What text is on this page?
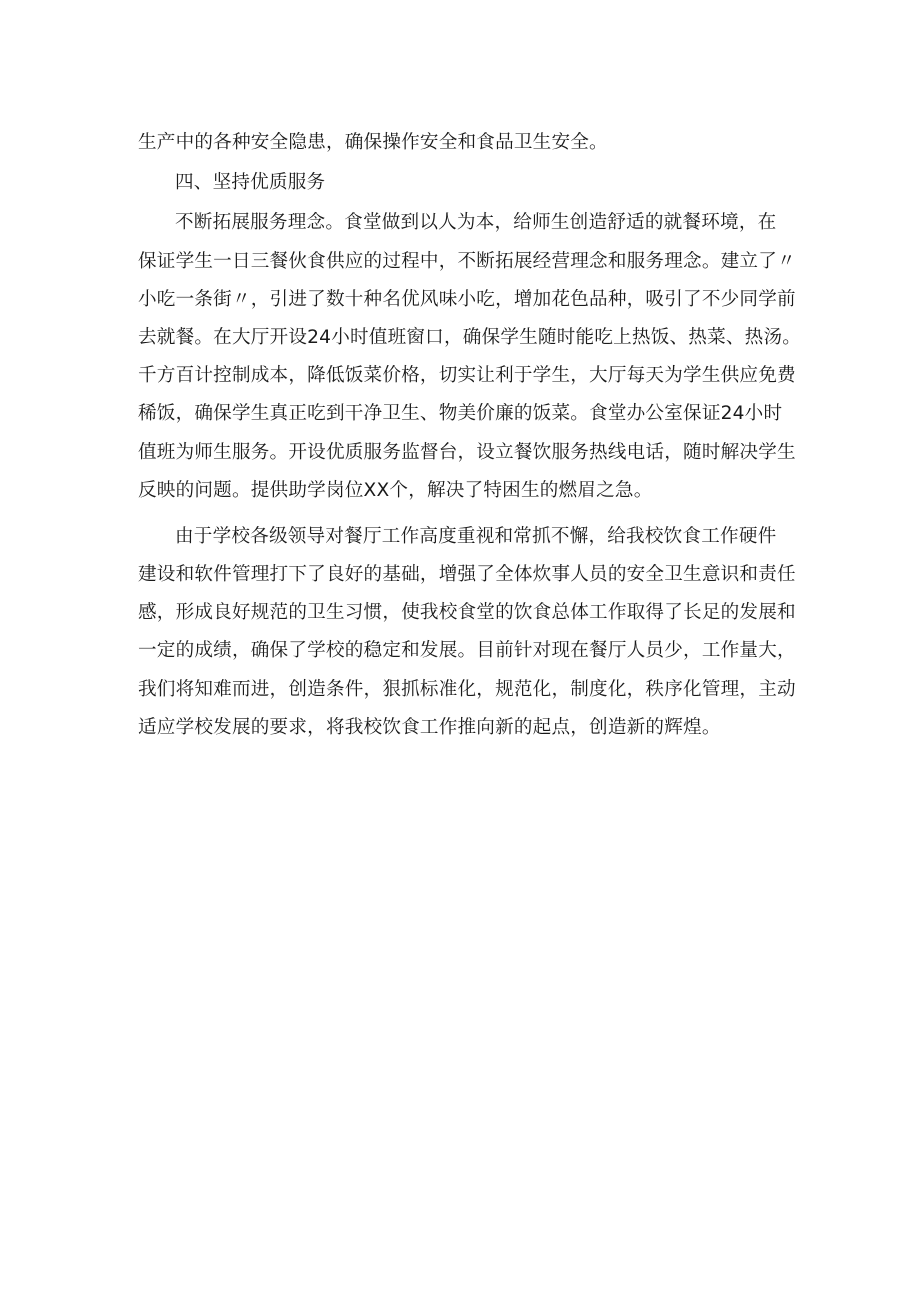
生产中的各种安全隐患，确保操作安全和食品卫生安全。
四、坚持优质服务
不断拓展服务理念。食堂做到以人为本，给师生创造舒适的就餐环境，在
保证学生一日三餐伙食供应的过程中，不断拓展经营理念和服务理念。建立了〃
小吃一条街〃，引进了数十种名优风味小吃，增加花色品种，吸引了不少同学前
去就餐。在大厅开设24小时值班窗口，确保学生随时能吃上热饭、热菜、热汤。
千方百计控制成本，降低饭菜价格，切实让利于学生，大厅每天为学生供应免费
稀饭，确保学生真正吃到干净卫生、物美价廉的饭菜。食堂办公室保证24小时
值班为师生服务。开设优质服务监督台，设立餐饮服务热线电话，随时解决学生
反映的问题。提供助学岗位XX个，解决了特困生的燃眉之急。
由于学校各级领导对餐厅工作高度重视和常抓不懈，给我校饮食工作硬件
建设和软件管理打下了良好的基础，增强了全体炊事人员的安全卫生意识和责任
感，形成良好规范的卫生习惯，使我校食堂的饮食总体工作取得了长足的发展和
一定的成绩，确保了学校的稳定和发展。目前针对现在餐厅人员少，工作量大，
我们将知难而进，创造条件，狠抓标准化，规范化，制度化，秩序化管理，主动
适应学校发展的要求，将我校饮食工作推向新的起点，创造新的辉煌。
